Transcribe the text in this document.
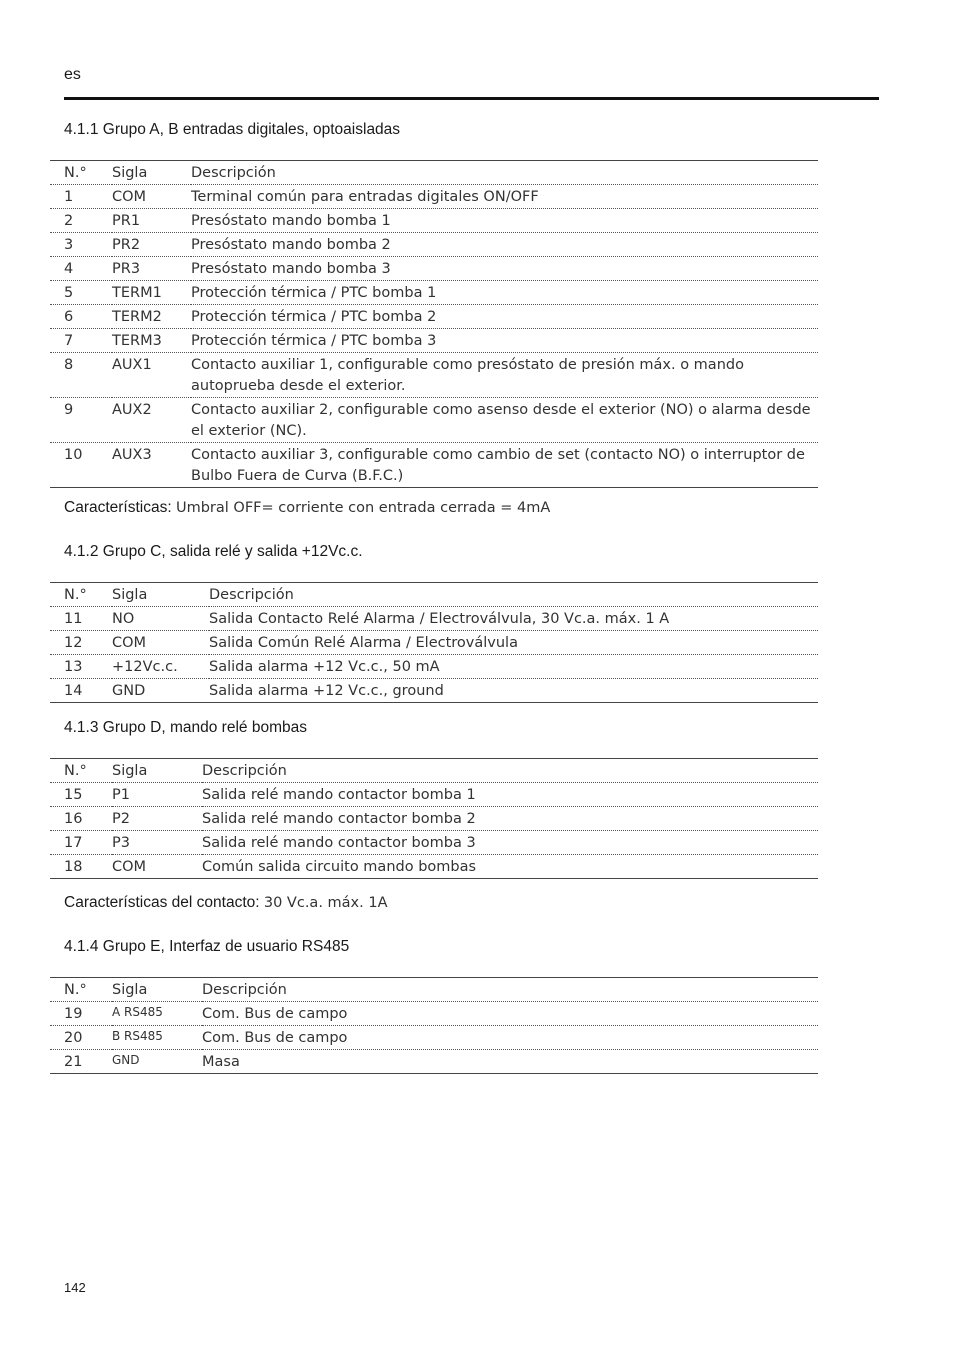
es
4.1.1 Grupo A, B entradas digitales, optoaisladas
N.°	Sigla	Descripción
1	COM	Terminal común para entradas digitales ON/OFF
2	PR1	Presóstato mando bomba 1
3	PR2	Presóstato mando bomba 2
4	PR3	Presóstato mando bomba 3
5	TERM1	Protección térmica / PTC bomba 1
6	TERM2	Protección térmica / PTC bomba 2
7	TERM3	Protección térmica / PTC bomba 3
8	AUX1	Contacto auxiliar 1, configurable como presóstato de presión máx. o mando autoprueba desde el exterior.
9	AUX2	Contacto auxiliar 2, configurable como asenso desde el exterior (NO) o alarma desde el exterior (NC).
10	AUX3	Contacto auxiliar 3, configurable como cambio de set (contacto NO) o interruptor de Bulbo Fuera de Curva (B.F.C.)
Características: Umbral OFF= corriente con entrada cerrada = 4mA
4.1.2 Grupo C, salida relé y salida +12Vc.c.
N.°	Sigla	Descripción
11	NO	Salida Contacto Relé Alarma / Electroválvula, 30 Vc.a. máx. 1 A
12	COM	Salida Común Relé Alarma / Electroválvula
13	+12Vc.c.	Salida alarma +12 Vc.c., 50 mA
14	GND	Salida alarma +12 Vc.c., ground
4.1.3 Grupo D, mando relé bombas
N.°	Sigla	Descripción
15	P1	Salida relé mando contactor bomba 1
16	P2	Salida relé mando contactor bomba 2
17	P3	Salida relé mando contactor bomba 3
18	COM	Común salida circuito mando bombas
Características del contacto: 30 Vc.a. máx. 1A
4.1.4 Grupo E, Interfaz de usuario RS485
N.°	Sigla	Descripción
19	A RS485	Com. Bus de campo
20	B RS485	Com. Bus de campo
21	GND	Masa
142
